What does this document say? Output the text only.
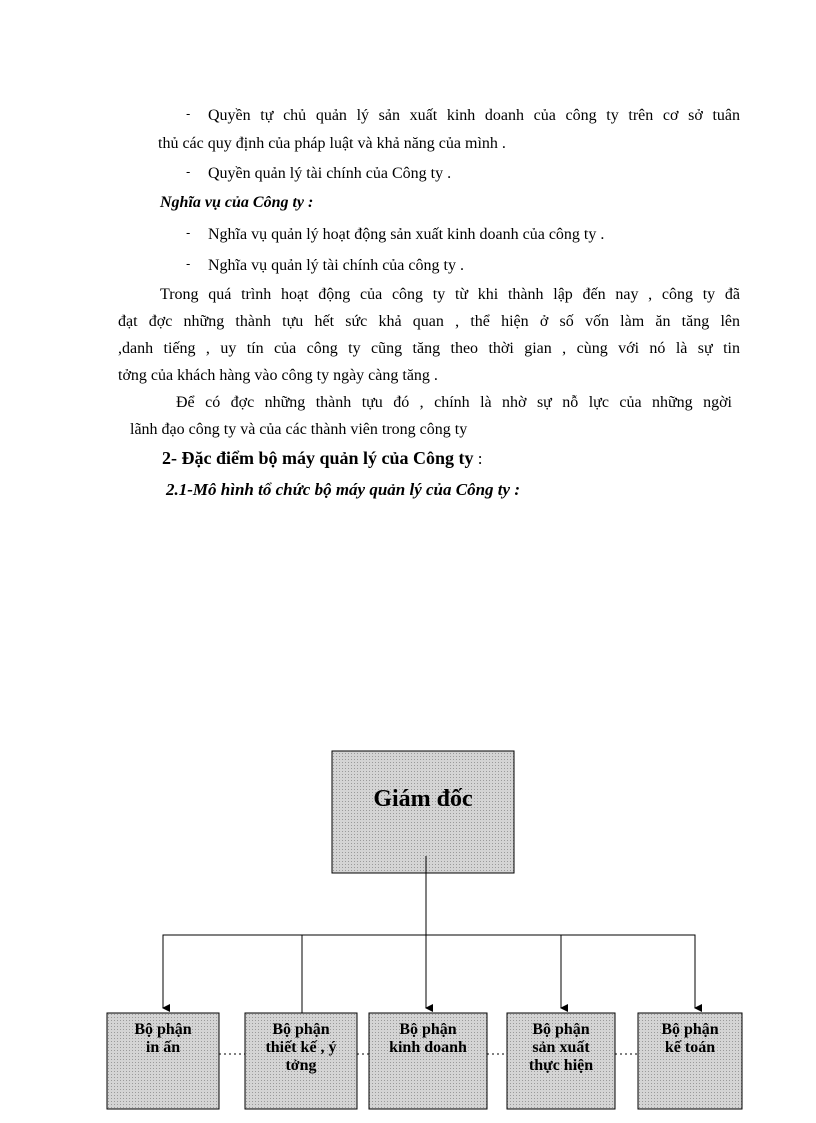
- Quyền tự chủ quản lý sản xuất kinh doanh của công ty trên cơ sở tuân
thủ các quy định của pháp luật và khả năng của mình .
- Quyền quản lý tài chính của Công ty .
Nghĩa vụ của Công ty :
- Nghĩa vụ quản lý hoạt động sản xuất kinh doanh của công ty .
- Nghĩa vụ quản lý tài chính của công ty .
Trong quá trình hoạt động của công ty từ khi thành lập đến nay , công ty đã
đạt đợc những thành tựu hết sức khả quan , thể hiện ở số vốn làm ăn tăng lên
,danh tiếng , uy tín của công ty cũng tăng theo thời gian , cùng với nó là sự tin
tởng của khách hàng vào công ty ngày càng tăng .
Để có đợc những thành tựu đó , chính là nhờ sự nỗ lực của những ngời
lãnh đạo công ty và của các thành viên trong công ty
2- Đặc điểm bộ máy quản lý của Công ty :
2.1-Mô hình tổ chức bộ máy quản lý của Công ty :
Giám đốc
Bộ phận
in ấn
Bộ phận
thiết kế , ý
tởng
Bộ phận
kinh doanh
Bộ phận
sản xuất
thực hiện
Bộ phận
kế toán
